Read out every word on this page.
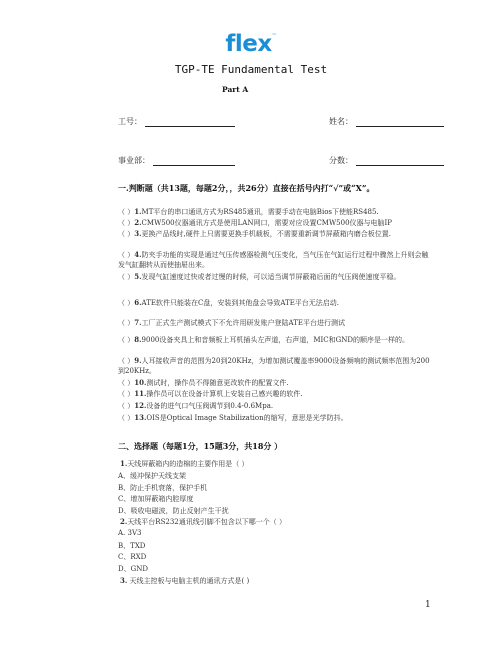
flex™
TGP-TE Fundamental Test
Part A
工号：	姓名：
事业部：	分数：
一.判断题（共13题，每题2分，，共26分）直接在括号内打“√”或“X”。
（ ）1.MT平台的串口通讯方式为RS485通讯，需要手动在电脑Bios下使能RS485.
（ ）2.CMW500仪器通讯方式是使用LAN网口，需要对应设置CMW500仪器与电脑IP
（ ）3.更换产品线时,硬件上只需要更换手机载板，不需要重新调节屏蔽箱内磨合板位置.
（ ）4.防夹手功能的实现是通过气压传感器检测气压变化，当气压在气缸运行过程中骤然上升则会触发气缸翻转从而使抽屉出来。
（ ）5.发现气缸速度过快或者过慢的时候，可以适当调节屏蔽箱后面的气压阀使速度平稳。
（ ）6.ATE软件只能装在C盘，安装到其他盘会导致ATE平台无法启动.
（ ）7.工厂正式生产测试模式下不允许用研发账户登陆ATE平台进行测试
（ ）8.9000设备夹具上和音频板上耳机插头左声道，右声道，MIC和GND的顺序是一样的。
（ ）9.人耳接收声音的范围为20到20KHz，为增加测试覆盖率9000设备频响的测试频率范围为200到20KHz。
（ ）10.测试时，操作员不得随意更改软件的配置文件.
（ ）11.操作员可以在设备计算机上安装自己感兴趣的软件.
（ ）12.设备的进气口气压阀调节到0.4-0.6Mpa.
（ ）13.OIS是Optical Image Stabilization的缩写，意思是光学防抖。
二、选择题（每题1分，15题3分，共18分 ）
1.天线屏蔽箱内的造棉的主要作用是（ ）
A、缓冲保护天线支架
B、防止手机衰落，保护手机
C、增加屏蔽箱内腔厚度
D、吸收电磁波，防止反射产生干扰
2.天线平台RS232通讯线引脚不包含以下哪一个（ ）
A. 3V3
B、TXD
C、RXD
D、GND
3. 天线主控板与电脑主机的通讯方式是( )
1
